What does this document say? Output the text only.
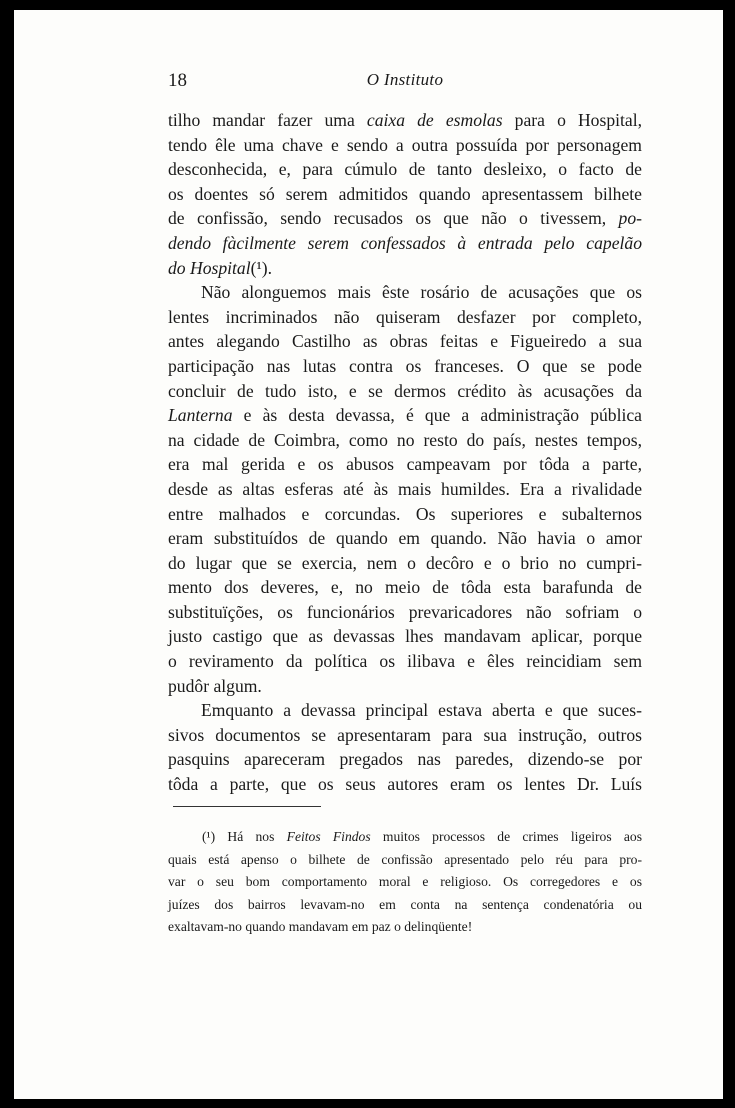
18	O Instituto

tilho mandar fazer uma caixa de esmolas para o Hospital,
tendo êle uma chave e sendo a outra possuída por personagem
desconhecida, e, para cúmulo de tanto desleixo, o facto de
os doentes só serem admitidos quando apresentassem bilhete
de confissão, sendo recusados os que não o tivessem, po-
dendo fàcilmente serem confessados à entrada pelo capelão
do Hospital(¹).

Não alonguemos mais êste rosário de acusações que os
lentes incriminados não quiseram desfazer por completo,
antes alegando Castilho as obras feitas e Figueiredo a sua
participação nas lutas contra os franceses. O que se pode
concluir de tudo isto, e se dermos crédito às acusações da
Lanterna e às desta devassa, é que a administração pública
na cidade de Coimbra, como no resto do país, nestes tempos,
era mal gerida e os abusos campeavam por tôda a parte,
desde as altas esferas até às mais humildes. Era a rivalidade
entre malhados e corcundas. Os superiores e subalternos
eram substituídos de quando em quando. Não havia o amor
do lugar que se exercia, nem o decôro e o brio no cumpri-
mento dos deveres, e, no meio de tôda esta barafunda de
substituïções, os funcionários prevaricadores não sofriam o
justo castigo que as devassas lhes mandavam aplicar, porque
o reviramento da política os ilibava e êles reincidiam sem
pudôr algum.

Emquanto a devassa principal estava aberta e que suces-
sivos documentos se apresentaram para sua instrução, outros
pasquins apareceram pregados nas paredes, dizendo-se por
tôda a parte, que os seus autores eram os lentes Dr. Luís

(¹) Há nos Feitos Findos muitos processos de crimes ligeiros aos
quais está apenso o bilhete de confissão apresentado pelo réu para pro-
var o seu bom comportamento moral e religioso. Os corregedores e os
juízes dos bairros levavam-no em conta na sentença condenatória ou
exaltavam-no quando mandavam em paz o delinqüente!
